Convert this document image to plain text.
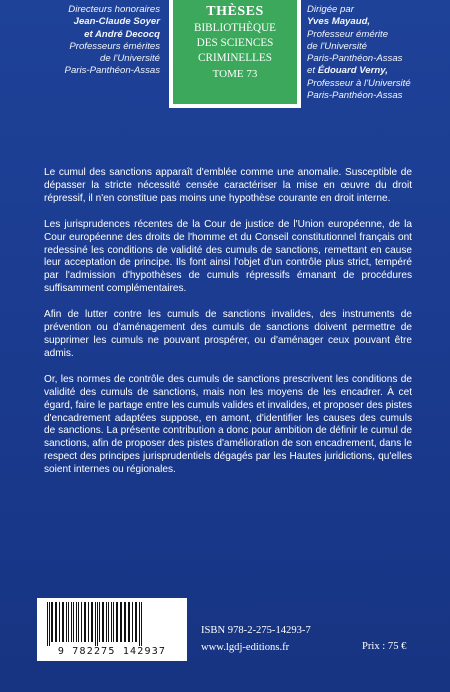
Directeurs honoraires
Jean-Claude Soyer
et André Decocq
Professeurs émérites
de l'Université
Paris-Panthéon-Assas
THÈSES
BIBLIOTHÈQUE
DES SCIENCES
CRIMINELLES
TOME 73
Dirigée par
Yves Mayaud,
Professeur émérite
de l'Université
Paris-Panthéon-Assas
et Édouard Verny,
Professeur à l'Université
Paris-Panthéon-Assas

Le cumul des sanctions apparaît d'emblée comme une anomalie. Susceptible de dépasser la stricte nécessité censée caractériser la mise en œuvre du droit répressif, il n'en constitue pas moins une hypothèse courante en droit interne.

Les jurisprudences récentes de la Cour de justice de l'Union européenne, de la Cour européenne des droits de l'homme et du Conseil constitutionnel français ont redessiné les conditions de validité des cumuls de sanctions, remettant en cause leur acceptation de principe. Ils font ainsi l'objet d'un contrôle plus strict, tempéré par l'admission d'hypothèses de cumuls répressifs émanant de procédures suffisamment complémentaires.

Afin de lutter contre les cumuls de sanctions invalides, des instruments de prévention ou d'aménagement des cumuls de sanctions doivent permettre de supprimer les cumuls ne pouvant prospérer, ou d'aménager ceux pouvant être admis.

Or, les normes de contrôle des cumuls de sanctions prescrivent les conditions de validité des cumuls de sanctions, mais non les moyens de les encadrer. À cet égard, faire le partage entre les cumuls valides et invalides, et proposer des pistes d'encadrement adaptées suppose, en amont, d'identifier les causes des cumuls de sanctions. La présente contribution a donc pour ambition de définir le cumul de sanctions, afin de proposer des pistes d'amélioration de son encadrement, dans le respect des principes jurisprudentiels dégagés par les Hautes juridictions, qu'elles soient internes ou régionales.

9 782275 142937
ISBN 978-2-275-14293-7
www.lgdj-editions.fr	Prix : 75 €
